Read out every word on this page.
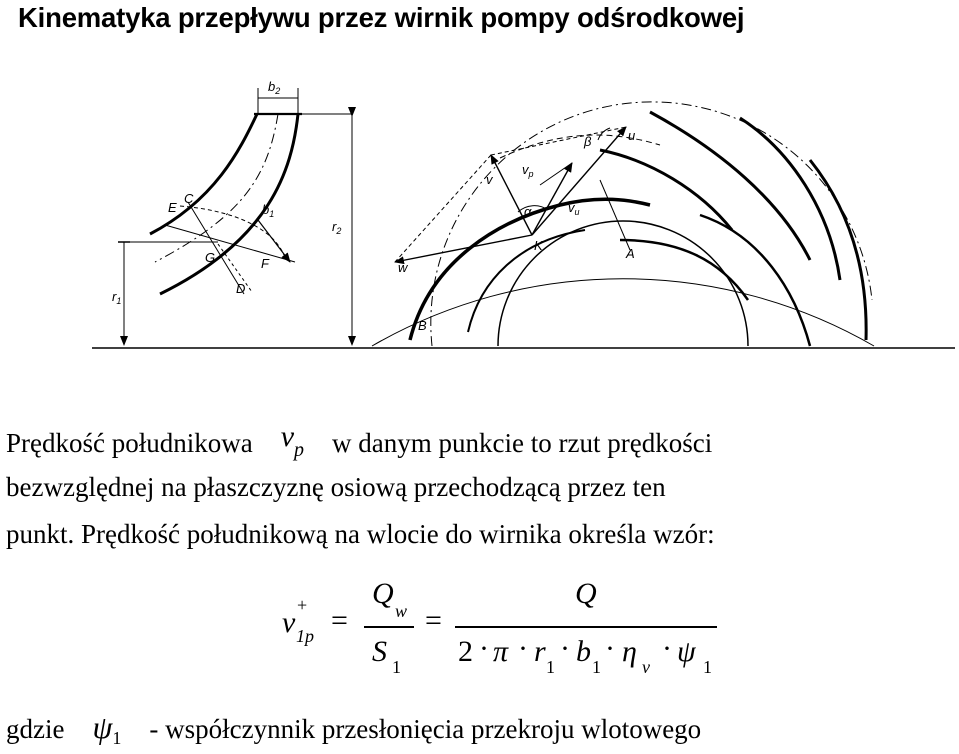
Kinematyka przepływu przez wirnik pompy odśrodkowej
$b_2$
E
C
$b_1$
G	F
D
$r_1$
$r_2$
β	u
$v_p$
v
α	$v_u$
K
A
w
B
Prędkość południkowa vp w danym punkcie to rzut prędkości
bezwzględnej na płaszczyznę osiową przechodzącą przez ten
punkt. Prędkość południkową na wlocie do wirnika określa wzór:
v
+
1p =
Q
w
S 1
=
Q
2 · π · r 1
· b 1
· η v
· ψ 1
gdzie $\psi_1$ - współczynnik przesłonięcia przekroju wlotowego
